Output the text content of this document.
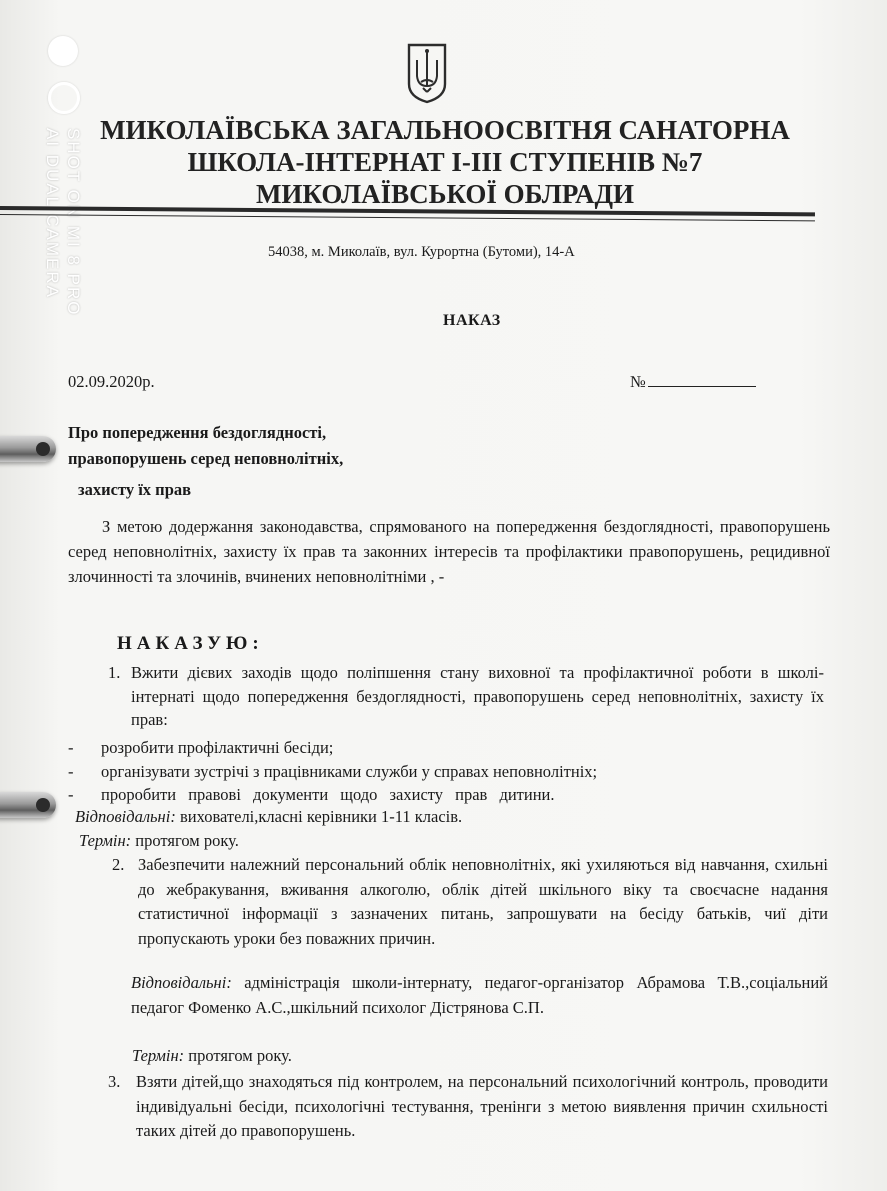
SHOT ON MI 8 PRO
AI DUAL CAMERA	МИКОЛАЇВСЬКА ЗАГАЛЬНООСВІТНЯ САНАТОРНА
ШКОЛА-ІНТЕРНАТ І-ІІІ СТУПЕНІВ №7
МИКОЛАЇВСЬКОЇ ОБЛРАДИ
54038, м. Миколаїв, вул. Курортна (Бутоми), 14-А
НАКАЗ
02.09.2020р.	№
Про попередження бездоглядності,
правопорушень серед неповнолітніх,
захисту їх прав
З метою додержання законодавства, спрямованого на попередження бездоглядності, правопорушень серед неповнолітніх, захисту їх прав та законних інтересів та профілактики правопорушень, рецидивної злочинності та злочинів, вчинених неповнолітніми , -
НАКАЗУЮ:
1. Вжити дієвих заходів щодо поліпшення стану виховної та профілактичної роботи в школі-інтернаті щодо попередження бездоглядності, правопорушень серед неповнолітніх, захисту їх прав:
- розробити профілактичні бесіди;
- організувати зустрічі з працівниками служби у справах неповнолітніх;
- проробити правові документи щодо захисту прав дитини.
Відповідальні: вихователі,класні керівники 1-11 класів.
Термін: протягом року.
2. Забезпечити належний персональний облік неповнолітніх, які ухиляються від навчання, схильні до жебракування, вживання алкоголю, облік дітей шкільного віку та своєчасне надання статистичної інформації з зазначених питань, запрошувати на бесіду батьків, чиї діти пропускають уроки без поважних причин.
Відповідальні: адміністрація школи-інтернату, педагог-організатор Абрамова Т.В.,соціальний педагог Фоменко А.С.,шкільний психолог Дістрянова С.П.
Термін: протягом року.
3. Взяти дітей,що знаходяться під контролем, на персональний психологічний контроль, проводити індивідуальні бесіди, психологічні тестування, тренінги з метою виявлення причин схильності таких дітей до правопорушень.
